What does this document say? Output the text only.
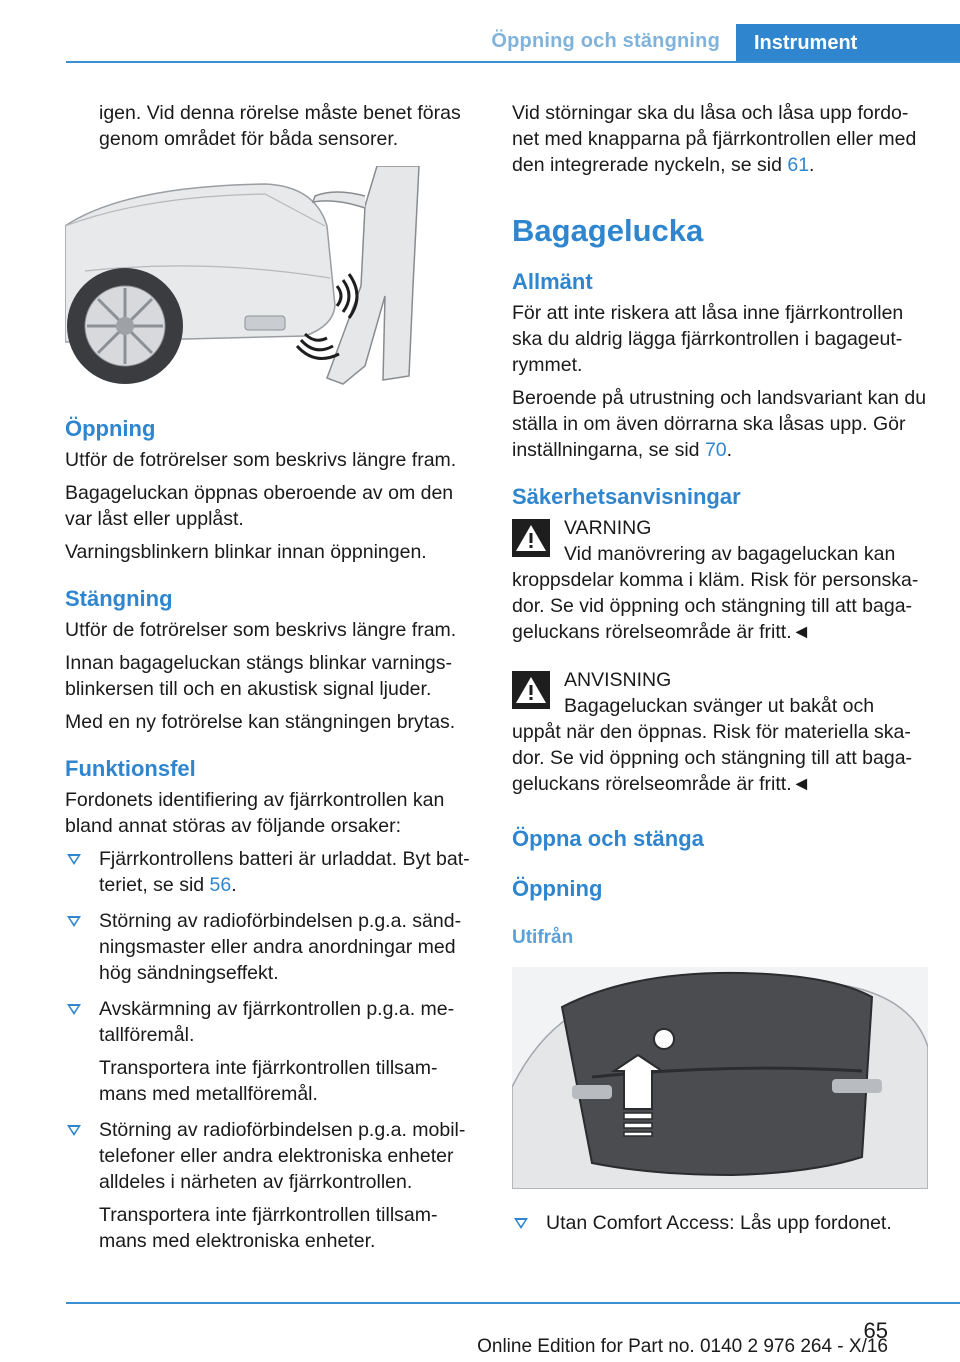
Öppning och stängning	Instrument

igen. Vid denna rörelse måste benet föras genom området för båda sensorer.

Öppning

Utför de fotrörelser som beskrivs längre fram.

Bagageluckan öppnas oberoende av om den var låst eller upplåst.

Varningsblinkern blinkar innan öppningen.

Stängning

Utför de fotrörelser som beskrivs längre fram.

Innan bagageluckan stängs blinkar varnings-blinkersen till och en akustisk signal ljuder.

Med en ny fotrörelse kan stängningen brytas.

Funktionsfel

Fordonets identifiering av fjärrkontrollen kan bland annat störas av följande orsaker:

Fjärrkontrollens batteri är urladdat. Byt bat-teriet, se sid 56.
Störning av radioförbindelsen p.g.a. sänd-ningsmaster eller andra anordningar med hög sändningseffekt.
Avskärmning av fjärrkontrollen p.g.a. me-tallföremål.

Transportera inte fjärrkontrollen tillsam-mans med metallföremål.

Störning av radioförbindelsen p.g.a. mobil-telefoner eller andra elektroniska enheter alldeles i närheten av fjärrkontrollen.

Transportera inte fjärrkontrollen tillsam-mans med elektroniska enheter.

Vid störningar ska du låsa och låsa upp fordo-net med knapparna på fjärrkontrollen eller med den integrerade nyckeln, se sid 61.

Bagagelucka
Allmänt

För att inte riskera att låsa inne fjärrkontrollen ska du aldrig lägga fjärrkontrollen i bagageut-rymmet.

Beroende på utrustning och landsvariant kan du ställa in om även dörrarna ska låsas upp. Gör inställningarna, se sid 70.

Säkerhetsanvisningar

VARNING

Vid manövrering av bagageluckan kan

kroppsdelar komma i kläm. Risk för personska-dor. Se vid öppning och stängning till att baga-geluckans rörelseområde är fritt.◄

ANVISNING

Bagageluckan svänger ut bakåt och

uppåt när den öppnas. Risk för materiella ska-dor. Se vid öppning och stängning till att baga-geluckans rörelseområde är fritt.◄

Öppna och stänga
Öppning
Utifrån
Utan Comfort Access: Lås upp fordonet.
65
Online Edition for Part no. 0140 2 976 264 - X/16
